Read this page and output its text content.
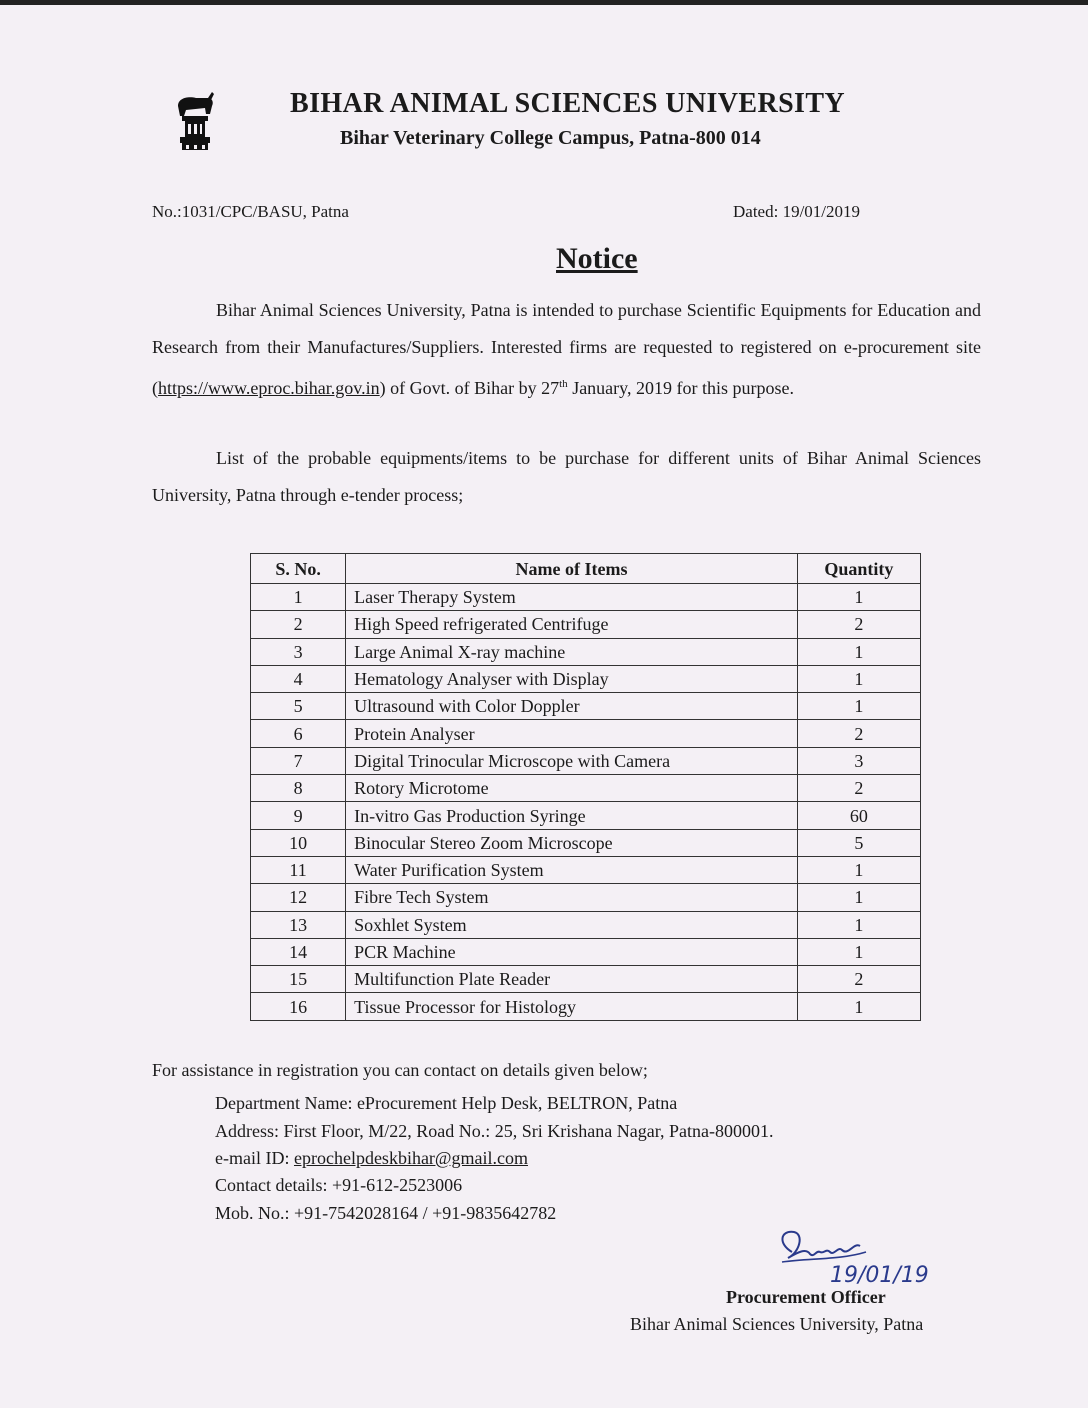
BIHAR ANIMAL SCIENCES UNIVERSITY
Bihar Veterinary College Campus, Patna-800 014
No.:1031/CPC/BASU, Patna	Dated: 19/01/2019
Notice
Bihar Animal Sciences University, Patna is intended to purchase Scientific Equipments for Education and Research from their Manufactures/Suppliers. Interested firms are requested to registered on e-procurement site (https://www.eproc.bihar.gov.in) of Govt. of Bihar by 27th January, 2019 for this purpose.
List of the probable equipments/items to be purchase for different units of Bihar Animal Sciences University, Patna through e-tender process;
S. No.	Name of Items	Quantity
1	Laser Therapy System	1
2	High Speed refrigerated Centrifuge	2
3	Large Animal X-ray machine	1
4	Hematology Analyser with Display	1
5	Ultrasound with Color Doppler	1
6	Protein Analyser	2
7	Digital Trinocular Microscope with Camera	3
8	Rotory Microtome	2
9	In-vitro Gas Production Syringe	60
10	Binocular Stereo Zoom Microscope	5
11	Water Purification System	1
12	Fibre Tech System	1
13	Soxhlet System	1
14	PCR Machine	1
15	Multifunction Plate Reader	2
16	Tissue Processor for Histology	1
For assistance in registration you can contact on details given below;
Department Name: eProcurement Help Desk, BELTRON, Patna
Address: First Floor, M/22, Road No.: 25, Sri Krishana Nagar, Patna-800001.
e-mail ID: eprochelpdeskbihar@gmail.com
Contact details: +91-612-2523006
Mob. No.: +91-7542028164 / +91-9835642782
19/01/19
Procurement Officer
Bihar Animal Sciences University, Patna
